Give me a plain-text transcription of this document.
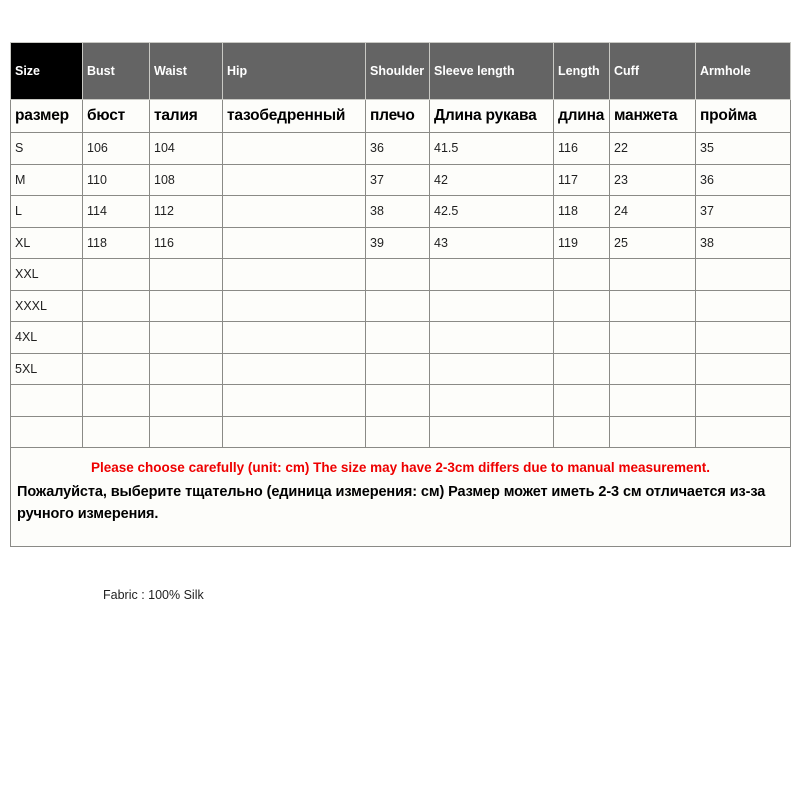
Size	Bust	Waist	Hip	Shoulder	Sleeve length	Length	Cuff	Armhole
размер	бюст	талия	тазобедренный	плечо	Длина рукава	длина	манжета	пройма
S	106	104		36	41.5	116	22	35
M	110	108		37	42	117	23	36
L	114	112		38	42.5	118	24	37
XL	118	116		39	43	119	25	38
XXL								
XXXL								
4XL								
5XL								

Please choose carefully (unit: cm) The size may have 2-3cm differs due to manual measurement.
Пожалуйста, выберите тщательно (единица измерения: см) Размер может иметь 2-3 см отличается из-за ручного измерения.								
Fabric : 100% Silk
